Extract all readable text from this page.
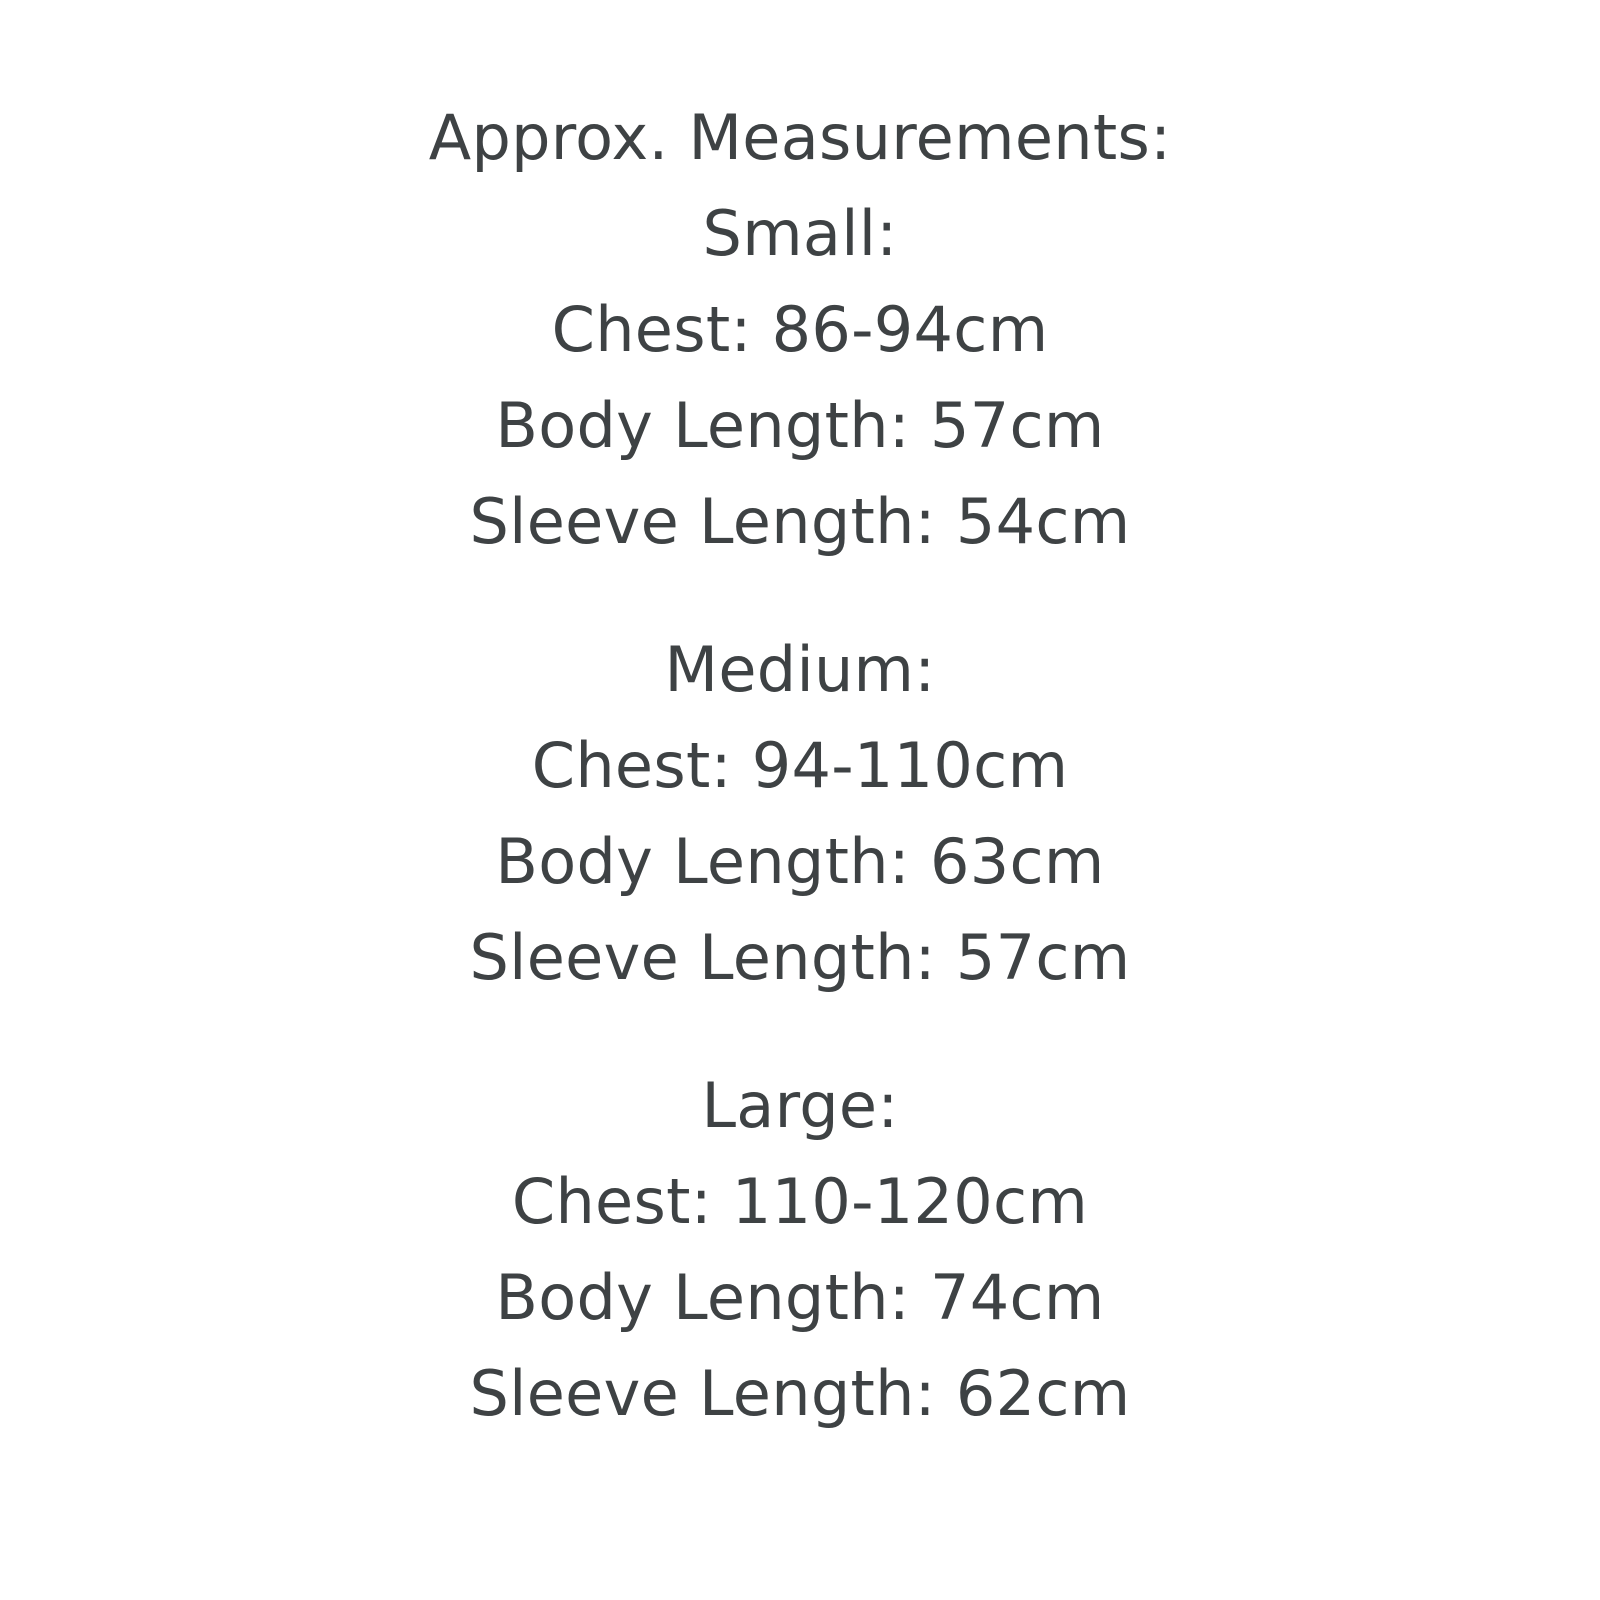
Approx. Measurements:
Small:
Chest: 86-94cm
Body Length: 57cm
Sleeve Length: 54cm
Medium:
Chest: 94-110cm
Body Length: 63cm
Sleeve Length: 57cm
Large:
Chest: 110-120cm
Body Length: 74cm
Sleeve Length: 62cm
